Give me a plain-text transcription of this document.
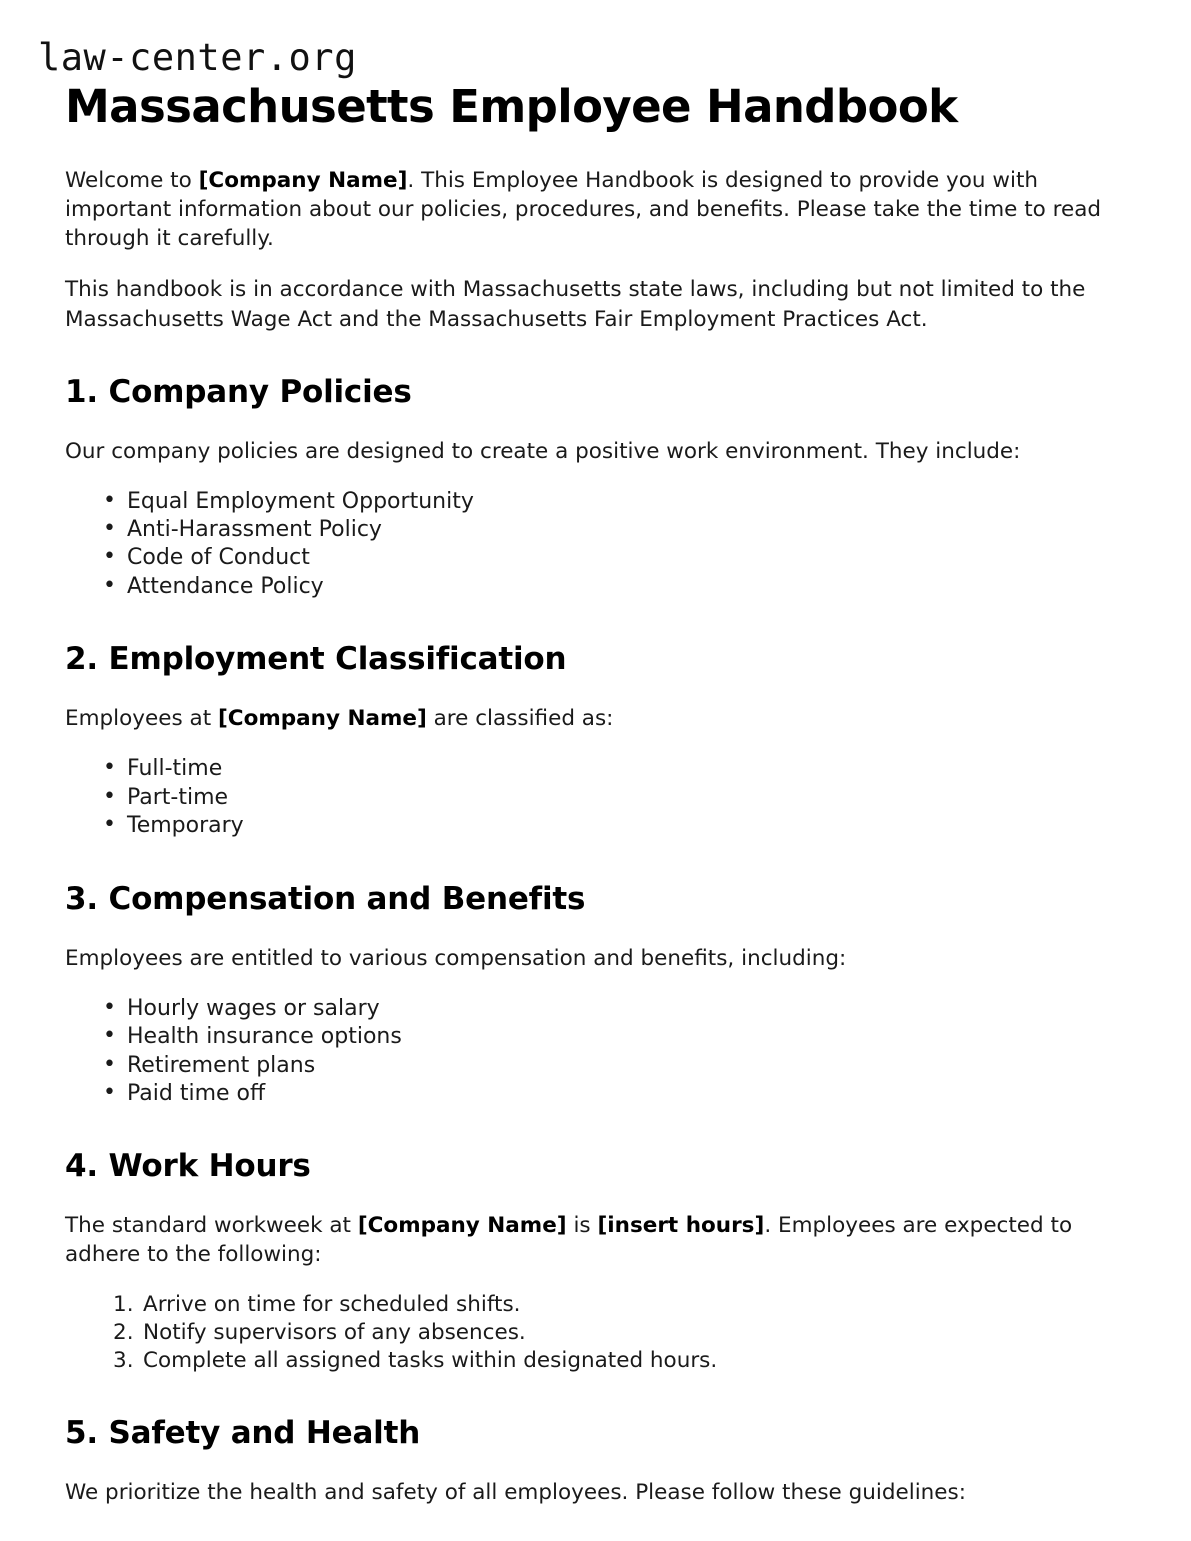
law-center.org
Massachusetts Employee Handbook

Welcome to [Company Name]. This Employee Handbook is designed to provide you with important information about our policies, procedures, and benefits. Please take the time to read through it carefully.

This handbook is in accordance with Massachusetts state laws, including but not limited to the Massachusetts Wage Act and the Massachusetts Fair Employment Practices Act.

1. Company Policies

Our company policies are designed to create a positive work environment. They include:

• Equal Employment Opportunity
• Anti-Harassment Policy
• Code of Conduct
• Attendance Policy
2. Employment Classification

Employees at [Company Name] are classified as:

• Full-time
• Part-time
• Temporary
3. Compensation and Benefits

Employees are entitled to various compensation and benefits, including:

• Hourly wages or salary
• Health insurance options
• Retirement plans
• Paid time off
4. Work Hours

The standard workweek at [Company Name] is [insert hours]. Employees are expected to adhere to the following:

Arrive on time for scheduled shifts.
Notify supervisors of any absences.
Complete all assigned tasks within designated hours.
5. Safety and Health

We prioritize the health and safety of all employees. Please follow these guidelines:
